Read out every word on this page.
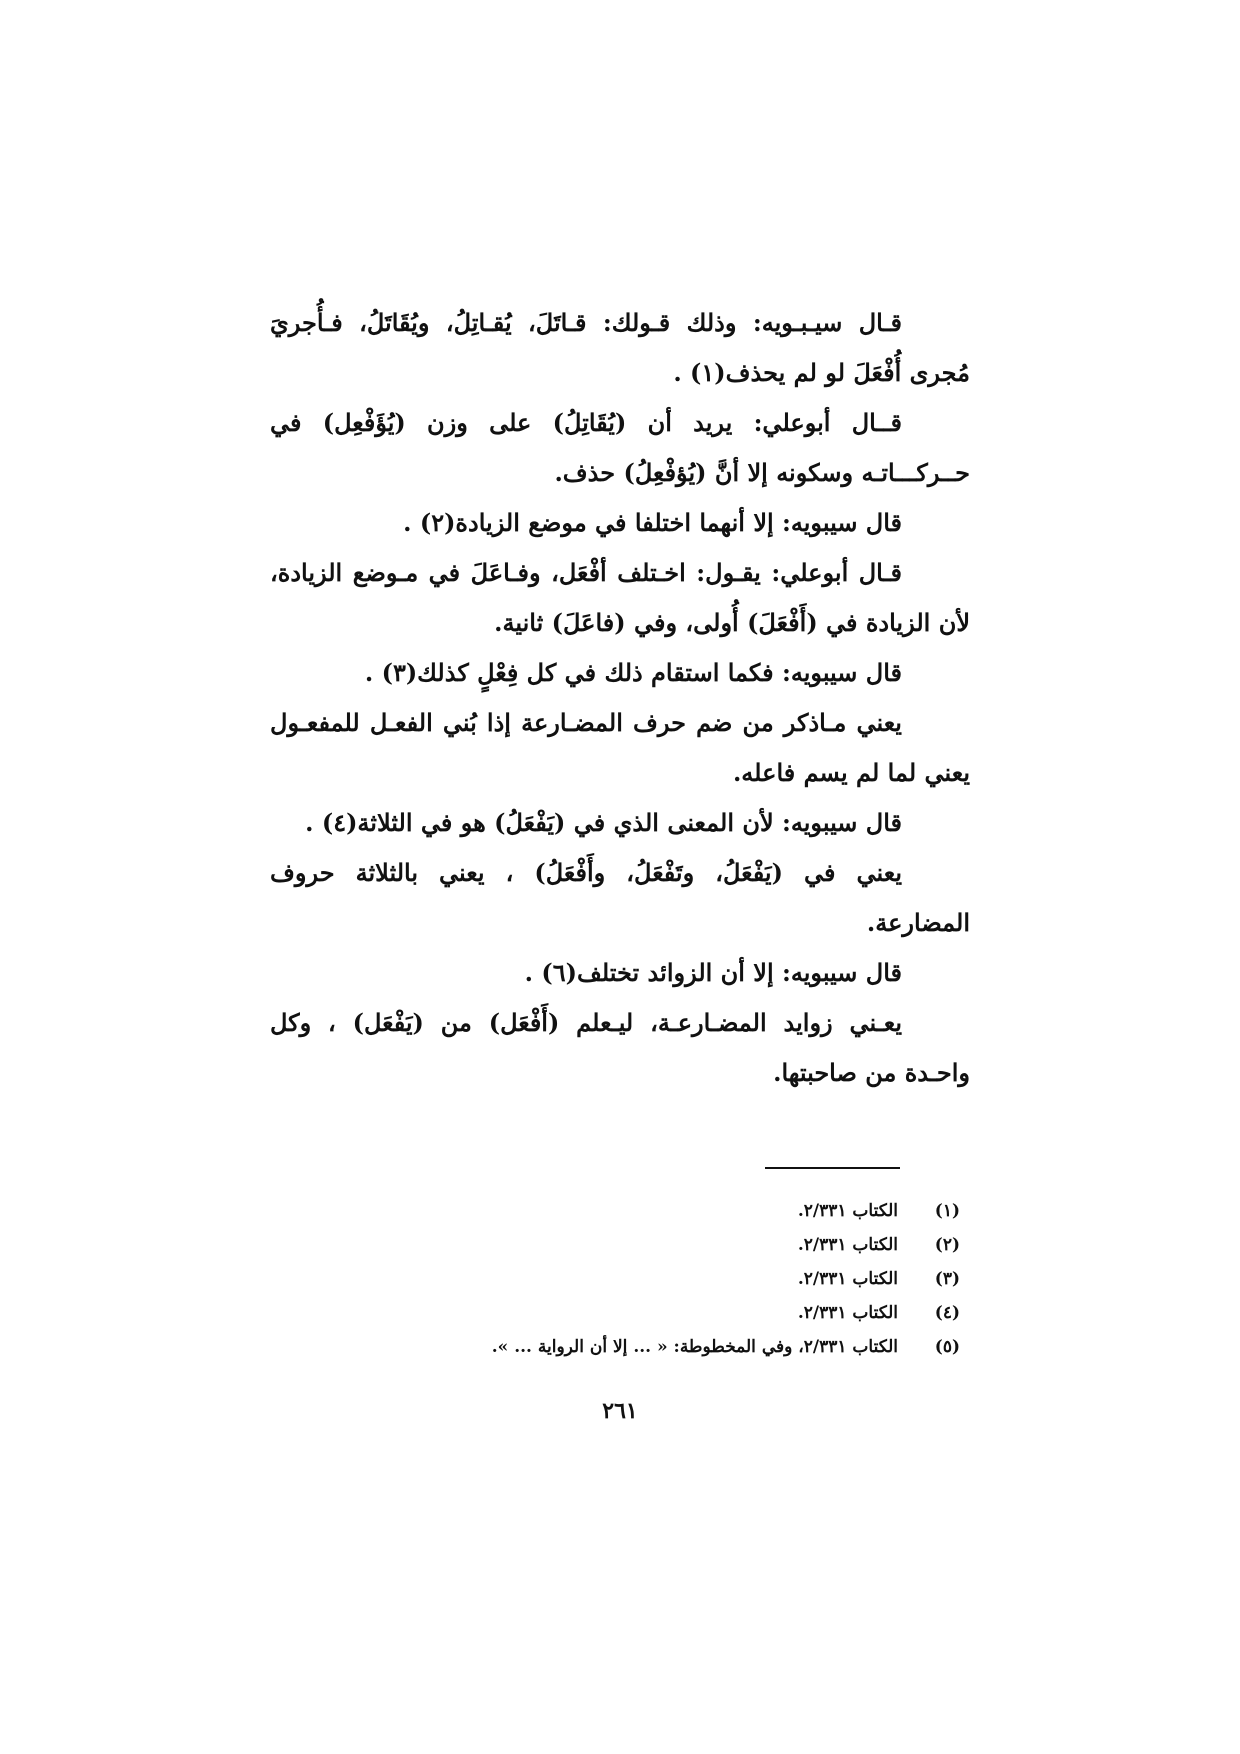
قـال سيـبـويه: وذلك قـولك: قـاتَلَ، يُقـاتِلُ، ويُقَاتَلُ، فـأُجريَ مُجرى أُفْعَلَ لو لم يحذف(١) .

قــال أبوعلي: يريد أن (يُقَاتِلُ) على وزن (يُؤَفْعِل) في حــركـــاتـه وسكونه إلا أنَّ (يُؤفْعِلُ) حذف.

قال سيبويه: إلا أنهما اختلفا في موضع الزيادة(٢) .

قـال أبوعلي: يقـول: اخـتلف أفْعَل، وفـاعَلَ في مـوضع الزيادة، لأن الزيادة في (أَفْعَلَ) أُولى، وفي (فاعَلَ) ثانية.

قال سيبويه: فكما استقام ذلك في كل فِعْلٍ كذلك(٣) .

يعني مـاذكر من ضم حرف المضـارعة إذا بُني الفعـل للمفعـول يعني لما لم يسم فاعله.

قال سيبويه: لأن المعنى الذي في (يَفْعَلُ) هو في الثلاثة(٤) .

يعني في (يَفْعَلُ، وتَفْعَلُ، وأَفْعَلُ) ، يعني بالثلاثة حروف المضارعة.

قال سيبويه: إلا أن الزوائد تختلف(٦) .

يعـني زوايد المضـارعـة، ليـعلم (أَفْعَل) من (يَفْعَل) ، وكل واحـدة من صاحبتها.

(١)
الكتاب ٢/٣٣١.
(٢)
الكتاب ٢/٣٣١.
(٣)
الكتاب ٢/٣٣١.
(٤)
الكتاب ٢/٣٣١.
(٥)
الكتاب ٢/٣٣١، وفي المخطوطة: « ... إلا أن الرواية ... ».
٢٦١
